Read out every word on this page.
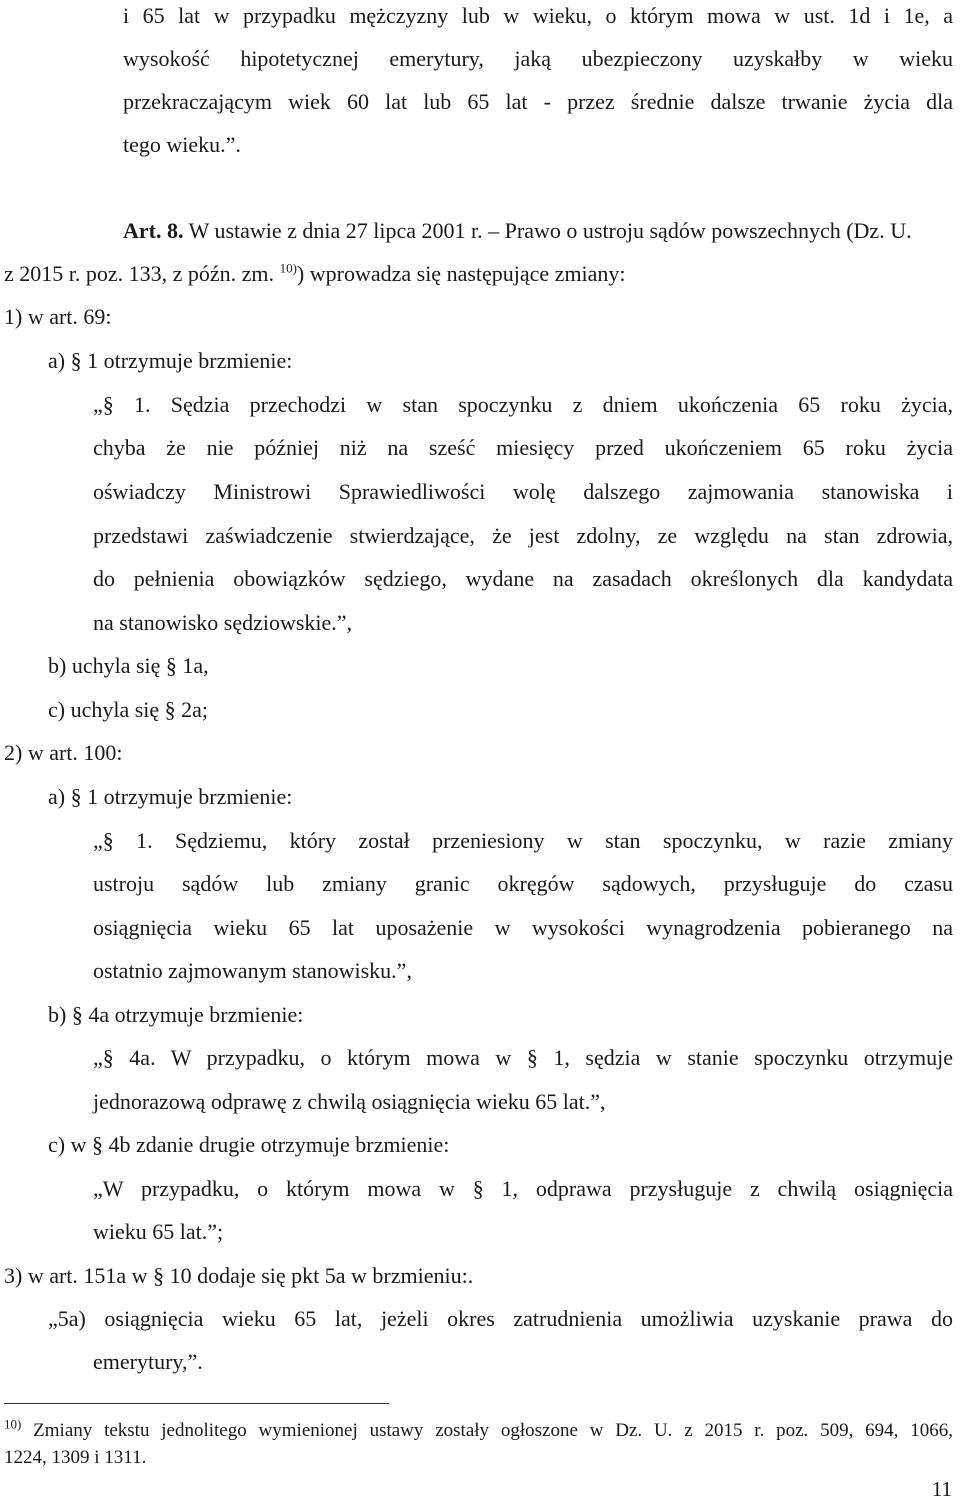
i 65 lat w przypadku mężczyzny lub w wieku, o którym mowa w ust. 1d i 1e, a
wysokość hipotetycznej emerytury, jaką ubezpieczony uzyskałby w wieku
przekraczającym wiek 60 lat lub 65 lat - przez średnie dalsze trwanie życia dla
tego wieku.”.
Art. 8. W ustawie z dnia 27 lipca 2001 r. – Prawo o ustroju sądów powszechnych (Dz. U.
z 2015 r. poz. 133, z późn. zm. $^{10)}$) wprowadza się następujące zmiany:
1) w art. 69:
a) § 1 otrzymuje brzmienie:
„§ 1. Sędzia przechodzi w stan spoczynku z dniem ukończenia 65 roku życia,
chyba że nie później niż na sześć miesięcy przed ukończeniem 65 roku życia
oświadczy Ministrowi Sprawiedliwości wolę dalszego zajmowania stanowiska i
przedstawi zaświadczenie stwierdzające, że jest zdolny, ze względu na stan zdrowia,
do pełnienia obowiązków sędziego, wydane na zasadach określonych dla kandydata
na stanowisko sędziowskie.”,
b) uchyla się § 1a,
c) uchyla się § 2a;
2) w art. 100:
a) § 1 otrzymuje brzmienie:
„§ 1. Sędziemu, który został przeniesiony w stan spoczynku, w razie zmiany
ustroju sądów lub zmiany granic okręgów sądowych, przysługuje do czasu
osiągnięcia wieku 65 lat uposażenie w wysokości wynagrodzenia pobieranego na
ostatnio zajmowanym stanowisku.”,
b) § 4a otrzymuje brzmienie:
„§ 4a. W przypadku, o którym mowa w § 1, sędzia w stanie spoczynku otrzymuje
jednorazową odprawę z chwilą osiągnięcia wieku 65 lat.”,
c) w § 4b zdanie drugie otrzymuje brzmienie:
„W przypadku, o którym mowa w § 1, odprawa przysługuje z chwilą osiągnięcia
wieku 65 lat.”;
3) w art. 151a w § 10 dodaje się pkt 5a w brzmieniu:.
„5a) osiągnięcia wieku 65 lat, jeżeli okres zatrudnienia umożliwia uzyskanie prawa do
emerytury,”.
$^{10)}$ Zmiany tekstu jednolitego wymienionej ustawy zostały ogłoszone w Dz. U. z 2015 r. poz. 509, 694, 1066,
1224, 1309 i 1311.
11
